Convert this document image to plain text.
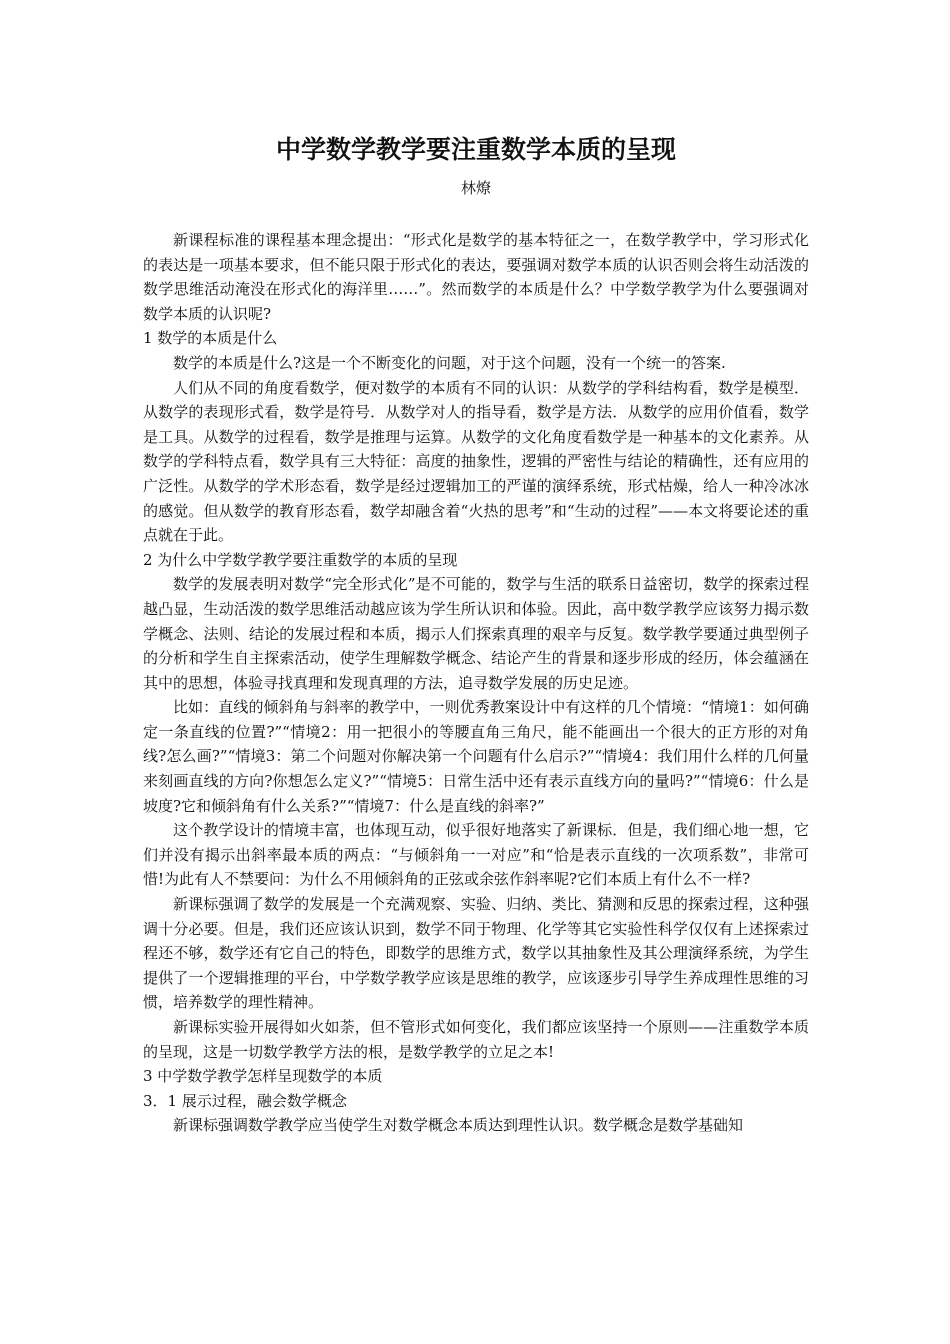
中学数学教学要注重数学本质的呈现
林燎

新课程标准的课程基本理念提出：“形式化是数学的基本特征之一，在数学教学中，学习形式化的表达是一项基本要求，但不能只限于形式化的表达，要强调对数学本质的认识否则会将生动活泼的数学思维活动淹没在形式化的海洋里……”。然而数学的本质是什么？中学数学教学为什么要强调对数学本质的认识呢?

1 数学的本质是什么

数学的本质是什么?这是一个不断变化的问题，对于这个问题，没有一个统一的答案.

人们从不同的角度看数学，便对数学的本质有不同的认识：从数学的学科结构看，数学是模型．从数学的表现形式看，数学是符号．从数学对人的指导看，数学是方法．从数学的应用价值看，数学是工具。从数学的过程看，数学是推理与运算。从数学的文化角度看数学是一种基本的文化素养。从数学的学科特点看，数学具有三大特征：高度的抽象性，逻辑的严密性与结论的精确性，还有应用的广泛性。从数学的学术形态看，数学是经过逻辑加工的严谨的演绎系统，形式枯燥，给人一种冷冰冰的感觉。但从数学的教育形态看，数学却融含着“火热的思考”和“生动的过程”——本文将要论述的重点就在于此。

2 为什么中学数学教学要注重数学的本质的呈现

数学的发展表明对数学“完全形式化”是不可能的，数学与生活的联系日益密切，数学的探索过程越凸显，生动活泼的数学思维活动越应该为学生所认识和体验。因此，高中数学教学应该努力揭示数学概念、法则、结论的发展过程和本质，揭示人们探索真理的艰辛与反复。数学教学要通过典型例子的分析和学生自主探索活动，使学生理解数学概念、结论产生的背景和逐步形成的经历，体会蕴涵在其中的思想，体验寻找真理和发现真理的方法，追寻数学发展的历史足迹。

比如：直线的倾斜角与斜率的教学中，一则优秀教案设计中有这样的几个情境：“情境1：如何确定一条直线的位置?”“情境2：用一把很小的等腰直角三角尺，能不能画出一个很大的正方形的对角线?怎么画?”“情境3：第二个问题对你解决第一个问题有什么启示?”“情境4：我们用什么样的几何量来刻画直线的方向?你想怎么定义?”“情境5：日常生活中还有表示直线方向的量吗?”“情境6：什么是坡度?它和倾斜角有什么关系?”“情境7：什么是直线的斜率?”

这个教学设计的情境丰富，也体现互动，似乎很好地落实了新课标．但是，我们细心地一想，它们并没有揭示出斜率最本质的两点：“与倾斜角一一对应”和“恰是表示直线的一次项系数”，非常可惜!为此有人不禁要问：为什么不用倾斜角的正弦或余弦作斜率呢?它们本质上有什么不一样?

新课标强调了数学的发展是一个充满观察、实验、归纳、类比、猜测和反思的探索过程，这种强调十分必要。但是，我们还应该认识到，数学不同于物理、化学等其它实验性科学仅仅有上述探索过程还不够，数学还有它自己的特色，即数学的思维方式，数学以其抽象性及其公理演绎系统，为学生提供了一个逻辑推理的平台，中学数学教学应该是思维的教学，应该逐步引导学生养成理性思维的习惯，培养数学的理性精神。

新课标实验开展得如火如荼，但不管形式如何变化，我们都应该坚持一个原则——注重数学本质的呈现，这是一切数学教学方法的根，是数学教学的立足之本!

3 中学数学教学怎样呈现数学的本质

3．1 展示过程，融会数学概念

新课标强调数学教学应当使学生对数学概念本质达到理性认识。数学概念是数学基础知
